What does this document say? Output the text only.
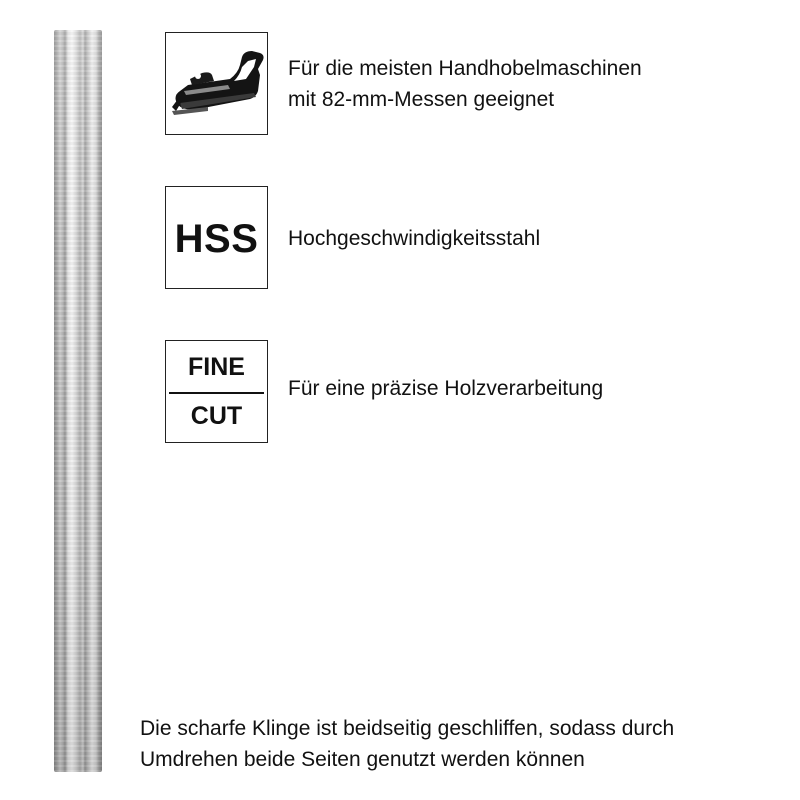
Für die meisten Handhobelmaschinen
mit 82-mm-Messen geeignet
HSS	Hochgeschwindigkeitsstahl
FINE
CUT
Für eine präzise Holzverarbeitung
Die scharfe Klinge ist beidseitig geschliffen, sodass durch
Umdrehen beide Seiten genutzt werden können
